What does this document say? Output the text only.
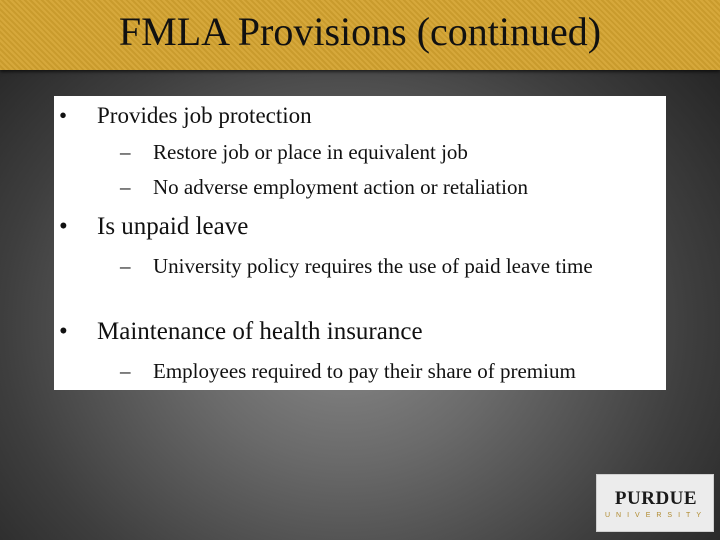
FMLA Provisions (continued)
• Provides job protection
–	Restore job or place in equivalent job
–	No adverse employment action or retaliation
• Is unpaid leave
–	University policy requires the use of paid leave time
• Maintenance of health insurance
–	Employees required to pay their share of premium
PURDUE
UNIVERSITY
